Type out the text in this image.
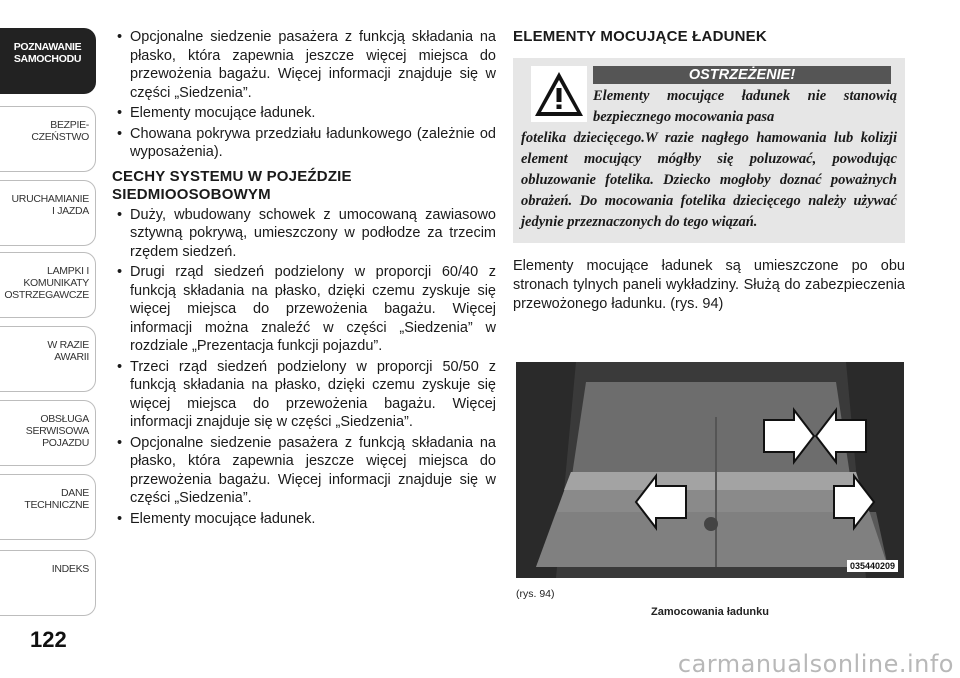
POZNAWANIE
SAMOCHODU
BEZPIE-
CZEŃSTWO
URUCHAMIANIE
I JAZDA
LAMPKI I
KOMUNIKATY
OSTRZEGAWCZE
W RAZIE
AWARII
OBSŁUGA
SERWISOWA
POJAZDU
DANE
TECHNICZNE
INDEKS
122

• Opcjonalne siedzenie pasażera z funkcją składania na płasko, która zapewnia jeszcze więcej miejsca do przewożenia bagażu. Więcej informacji znajduje się w części „Siedzenia”.

• Elementy mocujące ładunek.

• Chowana pokrywa przedziału ładunkowego (zależnie od wyposażenia).

CECHY SYSTEMU W POJEŹDZIE SIEDMIOOSOBOWYM

• Duży, wbudowany schowek z umocowaną zawiasowo sztywną pokrywą, umieszczony w podłodze za trzecim rzędem siedzeń.

• Drugi rząd siedzeń podzielony w proporcji 60/40 z funkcją składania na płasko, dzięki czemu zyskuje się więcej miejsca do przewożenia bagażu. Więcej informacji można znaleźć w części „Siedzenia” w rozdziale „Prezentacja funkcji pojazdu”.

• Trzeci rząd siedzeń podzielony w proporcji 50/50 z funkcją składania na płasko, dzięki czemu zyskuje się więcej miejsca do przewożenia bagażu. Więcej informacji znajduje się w części „Siedzenia”.

• Opcjonalne siedzenie pasażera z funkcją składania na płasko, która zapewnia jeszcze więcej miejsca do przewożenia bagażu. Więcej informacji znajduje się w części „Siedzenia”.

• Elementy mocujące ładunek.

ELEMENTY MOCUJĄCE ŁADUNEK
OSTRZEŻENIE!
Elementy mocujące ładunek nie stanowią bezpiecznego mocowania pasa
fotelika dziecięcego.W razie nagłego hamowania lub kolizji element mocujący mógłby się poluzować, powodując obluzowanie fotelika. Dziecko mogłoby doznać poważnych obrażeń. Do mocowania fotelika dziecięcego należy używać jedynie przeznaczonych do tego wiązań.
Elementy mocujące ładunek są umieszczone po obu stronach tylnych paneli wykładziny. Służą do zabezpieczenia przewożonego ładunku. (rys. 94)
035440209
(rys. 94)
Zamocowania ładunku
carmanualsonline.info
